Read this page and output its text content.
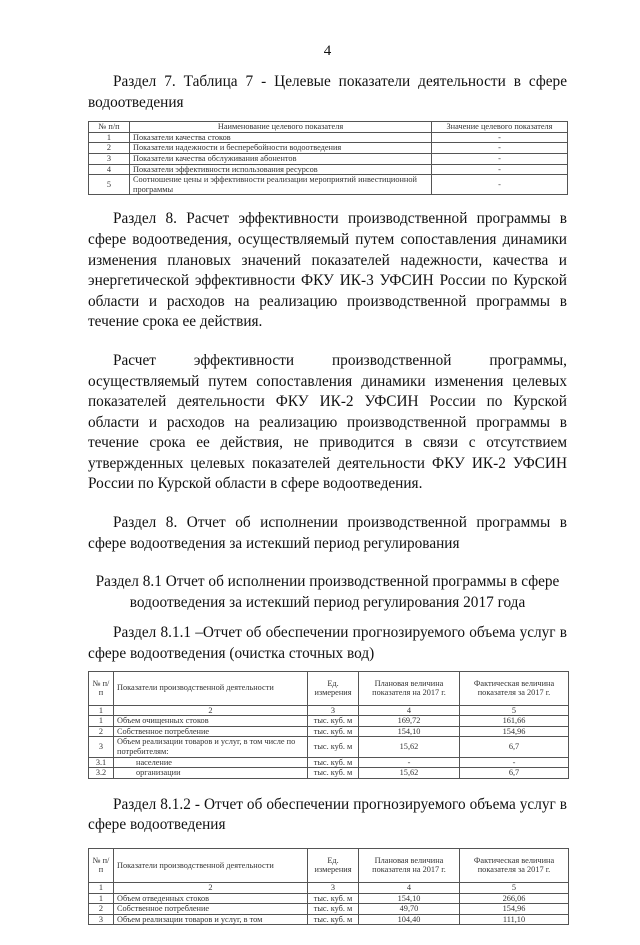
4
Раздел 7. Таблица 7 - Целевые показатели деятельности в сфере водоотведения
№ п/п	Наименование целевого показателя	Значение целевого показателя
1	Показатели качества стоков	-
2	Показатели надежности и бесперебойности водоотведения	-
3	Показатели качества обслуживания абонентов	-
4	Показатели эффективности использования ресурсов	-
5	Соотношение цены и эффективности реализации мероприятий инвестиционной программы	-
Раздел 8. Расчет эффективности производственной программы в сфере водоотведения, осуществляемый путем сопоставления динамики изменения плановых значений показателей надежности, качества и энергетической эффективности ФКУ ИК-3 УФСИН России по Курской области и расходов на реализацию производственной программы в течение срока ее действия.
Расчет эффективности производственной программы, осуществляемый путем сопоставления динамики изменения целевых показателей деятельности ФКУ ИК-2 УФСИН России по Курской области и расходов на реализацию производственной программы в течение срока ее действия, не приводится в связи с отсутствием утвержденных целевых показателей деятельности ФКУ ИК-2 УФСИН России по Курской области в сфере водоотведения.
Раздел 8. Отчет об исполнении производственной программы в сфере водоотведения за истекший период регулирования
Раздел 8.1 Отчет об исполнении производственной программы в сфере
водоотведения за истекший период регулирования 2017 года
Раздел 8.1.1 –Отчет об обеспечении прогнозируемого объема услуг в сфере водоотведения (очистка сточных вод)
№ п/п	Показатели производственной деятельности	Ед. измерения	Плановая величина показателя на 2017 г.	Фактическая величина показателя за 2017 г.
1	2	3	4	5
1	Объем очищенных стоков	тыс. куб. м	169,72	161,66
2	Собственное потребление	тыс. куб. м	154,10	154,96
3	Объем реализации товаров и услуг, в том числе по потребителям:	тыс. куб. м	15,62	6,7
3.1	население	тыс. куб. м	-	-
3.2	организации	тыс. куб. м	15,62	6,7
Раздел 8.1.2 - Отчет об обеспечении прогнозируемого объема услуг в сфере водоотведения
№ п/п	Показатели производственной деятельности	Ед. измерения	Плановая величина показателя на 2017 г.	Фактическая величина показателя за 2017 г.
1	2	3	4	5
1	Объем отведенных стоков	тыс. куб. м	154,10	266,06
2	Собственное потребление	тыс. куб. м	49,70	154,96
3	Объем реализации товаров и услуг, в том	тыс. куб. м	104,40	111,10
